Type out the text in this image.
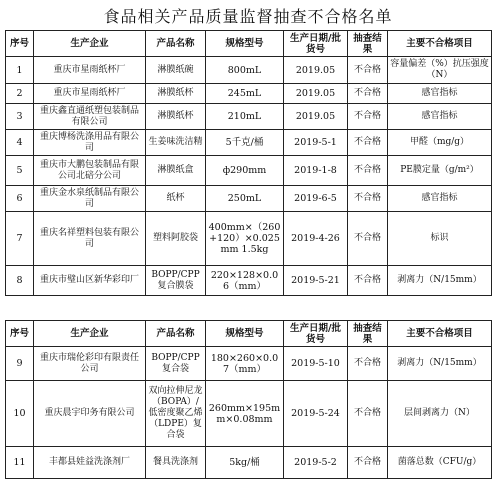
食品相关产品质量监督抽查不合格名单
序号	生产企业	产品名称	规格型号	生产日期/批货号	抽查结果	主要不合格项目
1	重庆市星雨纸杯厂	淋膜纸碗	800mL	2019.05	不合格	容量偏差（%）抗压强度（N）
2	重庆市星雨纸杯厂	淋膜纸杯	245mL	2019.05	不合格	感官指标
3	重庆鑫直通纸塑包装制品有限公司	淋膜纸杯	210mL	2019.05	不合格	感官指标
4	重庆博杨洗涤用品有限公司	生姜味洗洁精	5千克/桶	2019-5-1	不合格	甲醛（mg/g）
5	重庆市大鹏包装制品有限公司北碚分公司	淋膜纸盒	ф290mm	2019-1-8	不合格	PE膜定量（g/m²）
6	重庆金水泉纸制品有限公司	纸杯	250mL	2019-6-5	不合格	感官指标
7	重庆名祥塑料包装有限公司	塑料阿胶袋	400mm×（260+120）×0.025mm 1.5kg	2019-4-26	不合格	标识
8	重庆市璧山区新华彩印厂	BOPP/CPP复合膜袋	220×128×0.06（mm）	2019-5-21	不合格	剥离力（N/15mm）
序号	生产企业	产品名称	规格型号	生产日期/批货号	抽查结果	主要不合格项目
9	重庆市瑞伦彩印有限责任公司	BOPP/CPP复合袋	180×260×0.07（mm）	2019-5-10	不合格	剥离力（N/15mm）
10	重庆晨宇印务有限公司	双向拉伸尼龙（BOPA）/低密度聚乙烯（LDPE）复合袋	260mm×195mm×0.08mm	2019-5-24	不合格	层间剥离力（N）
11	丰都县娃益洗涤剂厂	餐具洗涤剂	5kg/桶	2019-5-2	不合格	菌落总数（CFU/g）
